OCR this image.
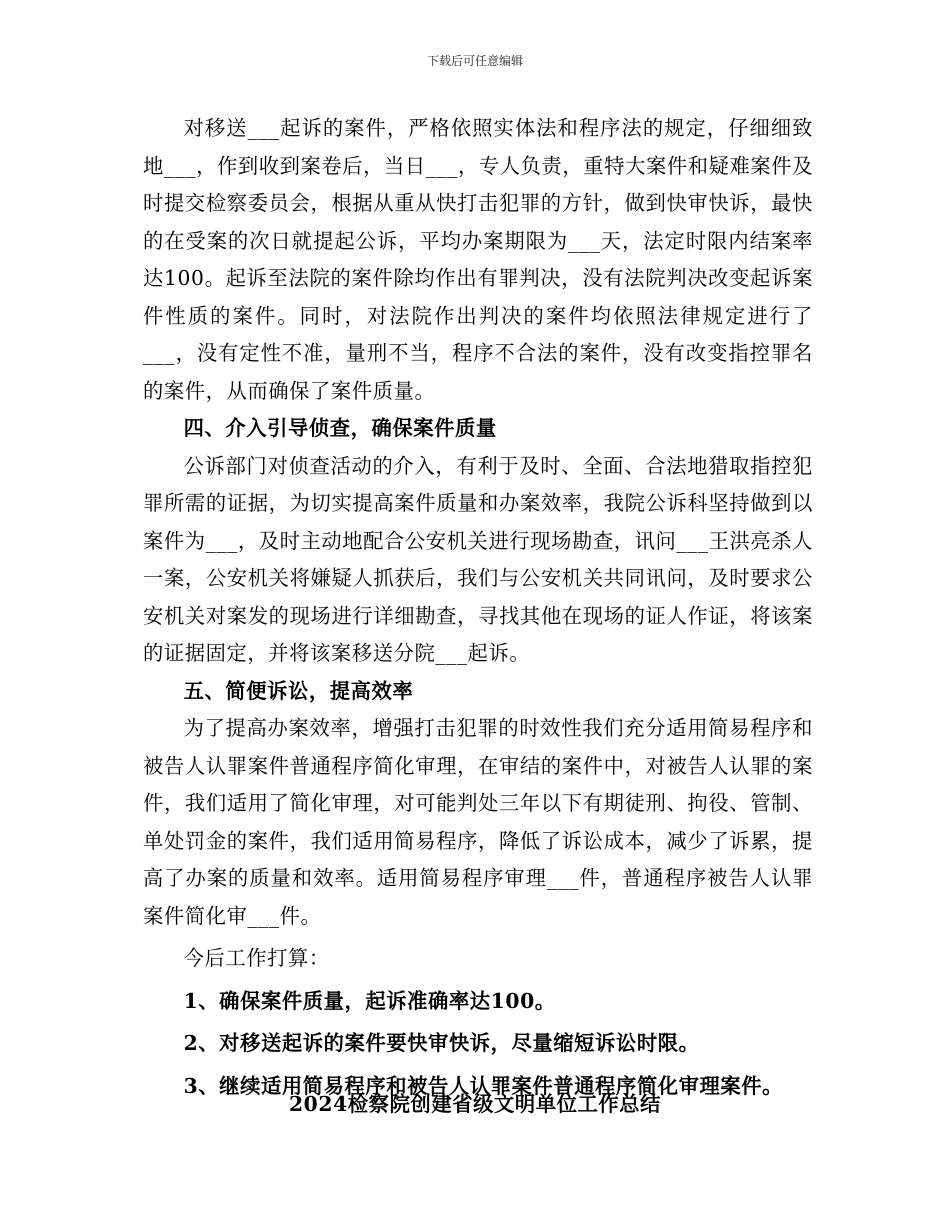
下载后可任意编辑

对移送___起诉的案件，严格依照实体法和程序法的规定，仔细细致地___，作到收到案卷后，当日___，专人负责，重特大案件和疑难案件及时提交检察委员会，根据从重从快打击犯罪的方针，做到快审快诉，最快的在受案的次日就提起公诉，平均办案期限为___天，法定时限内结案率达100。起诉至法院的案件除均作出有罪判决，没有法院判决改变起诉案件性质的案件。同时，对法院作出判决的案件均依照法律规定进行了___，没有定性不准，量刑不当，程序不合法的案件，没有改变指控罪名的案件，从而确保了案件质量。

四、介入引导侦查，确保案件质量

公诉部门对侦查活动的介入，有利于及时、全面、合法地猎取指控犯罪所需的证据，为切实提高案件质量和办案效率，我院公诉科坚持做到以案件为___，及时主动地配合公安机关进行现场勘查，讯问___王洪亮杀人一案，公安机关将嫌疑人抓获后，我们与公安机关共同讯问，及时要求公安机关对案发的现场进行详细勘查，寻找其他在现场的证人作证，将该案的证据固定，并将该案移送分院___起诉。

五、简便诉讼，提高效率

为了提高办案效率，增强打击犯罪的时效性我们充分适用简易程序和被告人认罪案件普通程序简化审理，在审结的案件中，对被告人认罪的案件，我们适用了简化审理，对可能判处三年以下有期徒刑、拘役、管制、单处罚金的案件，我们适用简易程序，降低了诉讼成本，减少了诉累，提高了办案的质量和效率。适用简易程序审理___件，普通程序被告人认罪案件简化审___件。

今后工作打算：

1、确保案件质量，起诉准确率达100。

2、对移送起诉的案件要快审快诉，尽量缩短诉讼时限。

3、继续适用简易程序和被告人认罪案件普通程序简化审理案件。

2024检察院创建省级文明单位工作总结
